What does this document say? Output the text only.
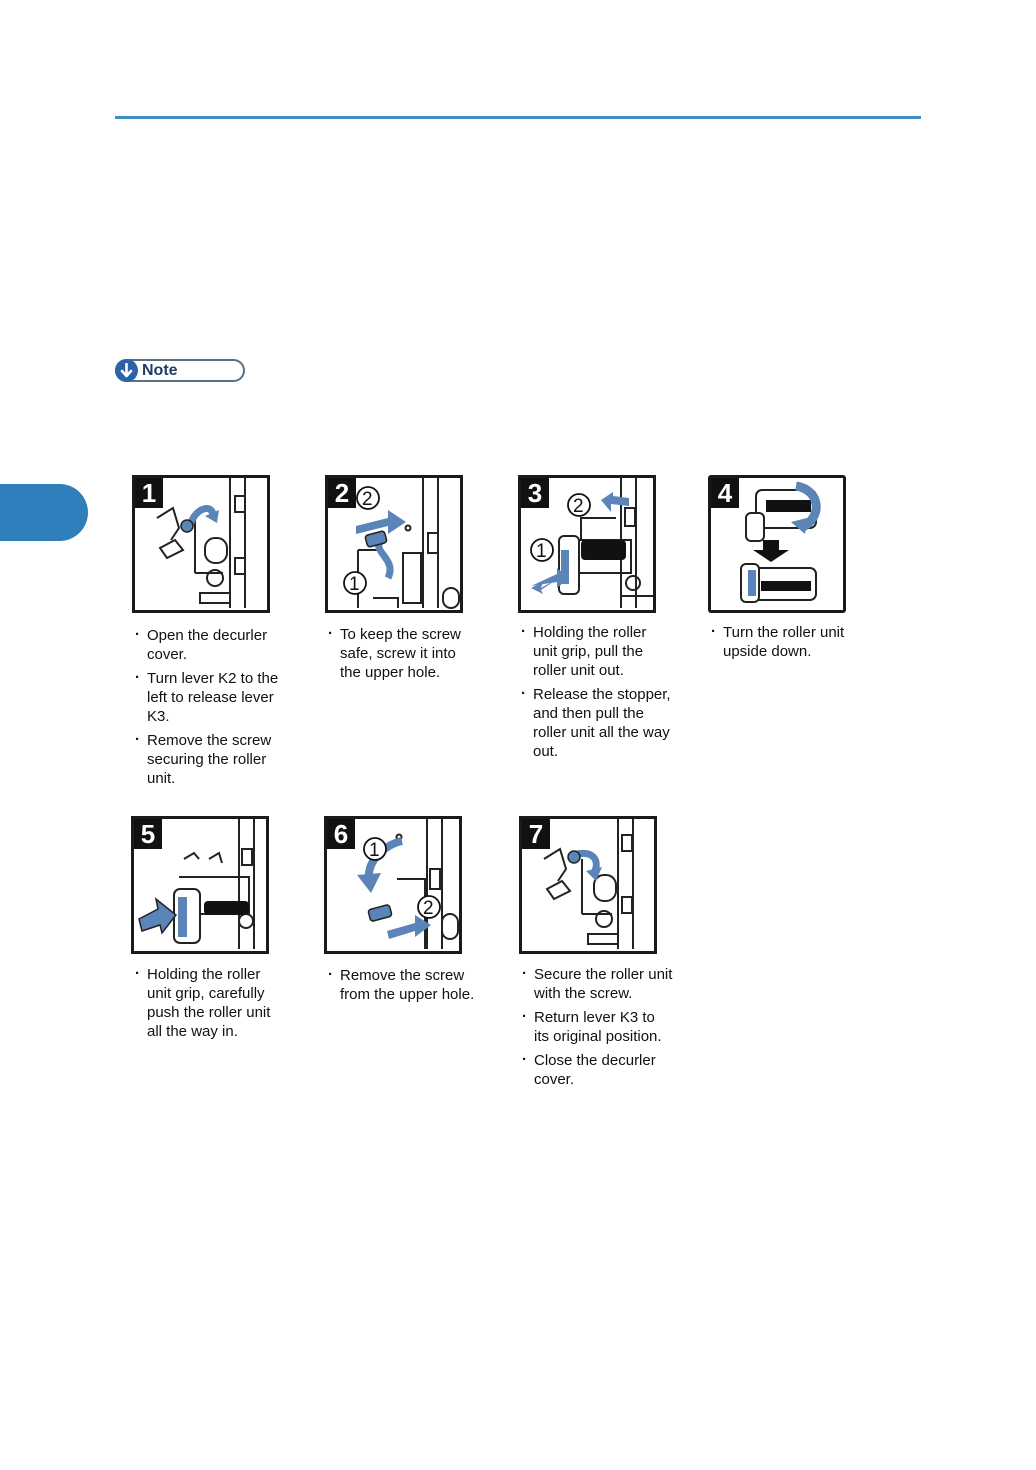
Note
1
· Open the decurler cover.
· Turn lever K2 to the left to release lever K3.
· Remove the screw securing the roller unit.
2 2
1
· To keep the screw safe, screw it into the upper hole.
3	2
1
· Holding the roller unit grip, pull the roller unit out.
· Release the stopper, and then pull the roller unit all the way out.
4
· Turn the roller unit upside down.
5
· Holding the roller unit grip, carefully push the roller unit all the way in.
6
1
2
· Remove the screw from the upper hole.
7
· Secure the roller unit with the screw.
· Return lever K3 to its original position.
· Close the decurler cover.
